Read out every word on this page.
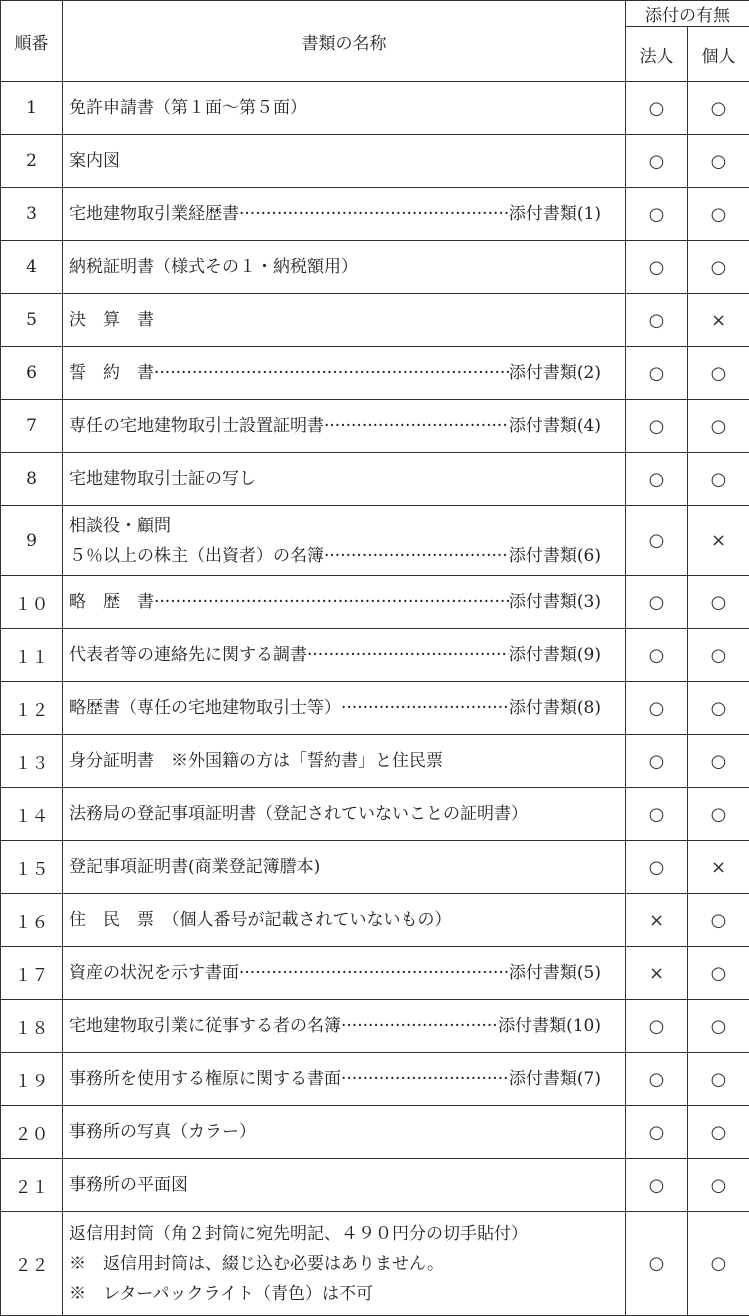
順番	書類の名称	添付の有無	
		法人	個人
1	免許申請書（第１面～第５面）	○	○
2	案内図	○	○
3	宅地建物取引業経歴書 ····· 添付書類(1)	○	○
4	納税証明書（様式その１・納税額用）	○	○
5	決　算　書	○	×
6	誓　約　書 ····· 添付書類(2)	○	○
7	専任の宅地建物取引士設置証明書 ····· 添付書類(4)	○	○
8	宅地建物取引士証の写し	○	○
9	相談役・顧問
５％以上の株主（出資者）の名簿 ····· 添付書類(6)	○	×
１０	略　歴　書 ····· 添付書類(3)	○	○
１１	代表者等の連絡先に関する調書 ····· 添付書類(9)	○	○
１２	略歴書（専任の宅地建物取引士等） ····· 添付書類(8)	○	○
１３	身分証明書　※外国籍の方は「誓約書」と住民票	○	○
１４	法務局の登記事項証明書（登記されていないことの証明書）	○	○
１５	登記事項証明書(商業登記簿謄本)	○	×
１６	住　民　票　（個人番号が記載されていないもの）	×	○
１７	資産の状況を示す書面 ····· 添付書類(5)	×	○
１８	宅地建物取引業に従事する者の名簿 ····· 添付書類(10)	○	○
１９	事務所を使用する権原に関する書面 ····· 添付書類(7)	○	○
２０	事務所の写真（カラー）	○	○
２１	事務所の平面図	○	○
２２	返信用封筒（角２封筒に宛先明記、４９０円分の切手貼付）
※　返信用封筒は、綴じ込む必要はありません。
※　レターパックライト（青色）は不可	○	○
